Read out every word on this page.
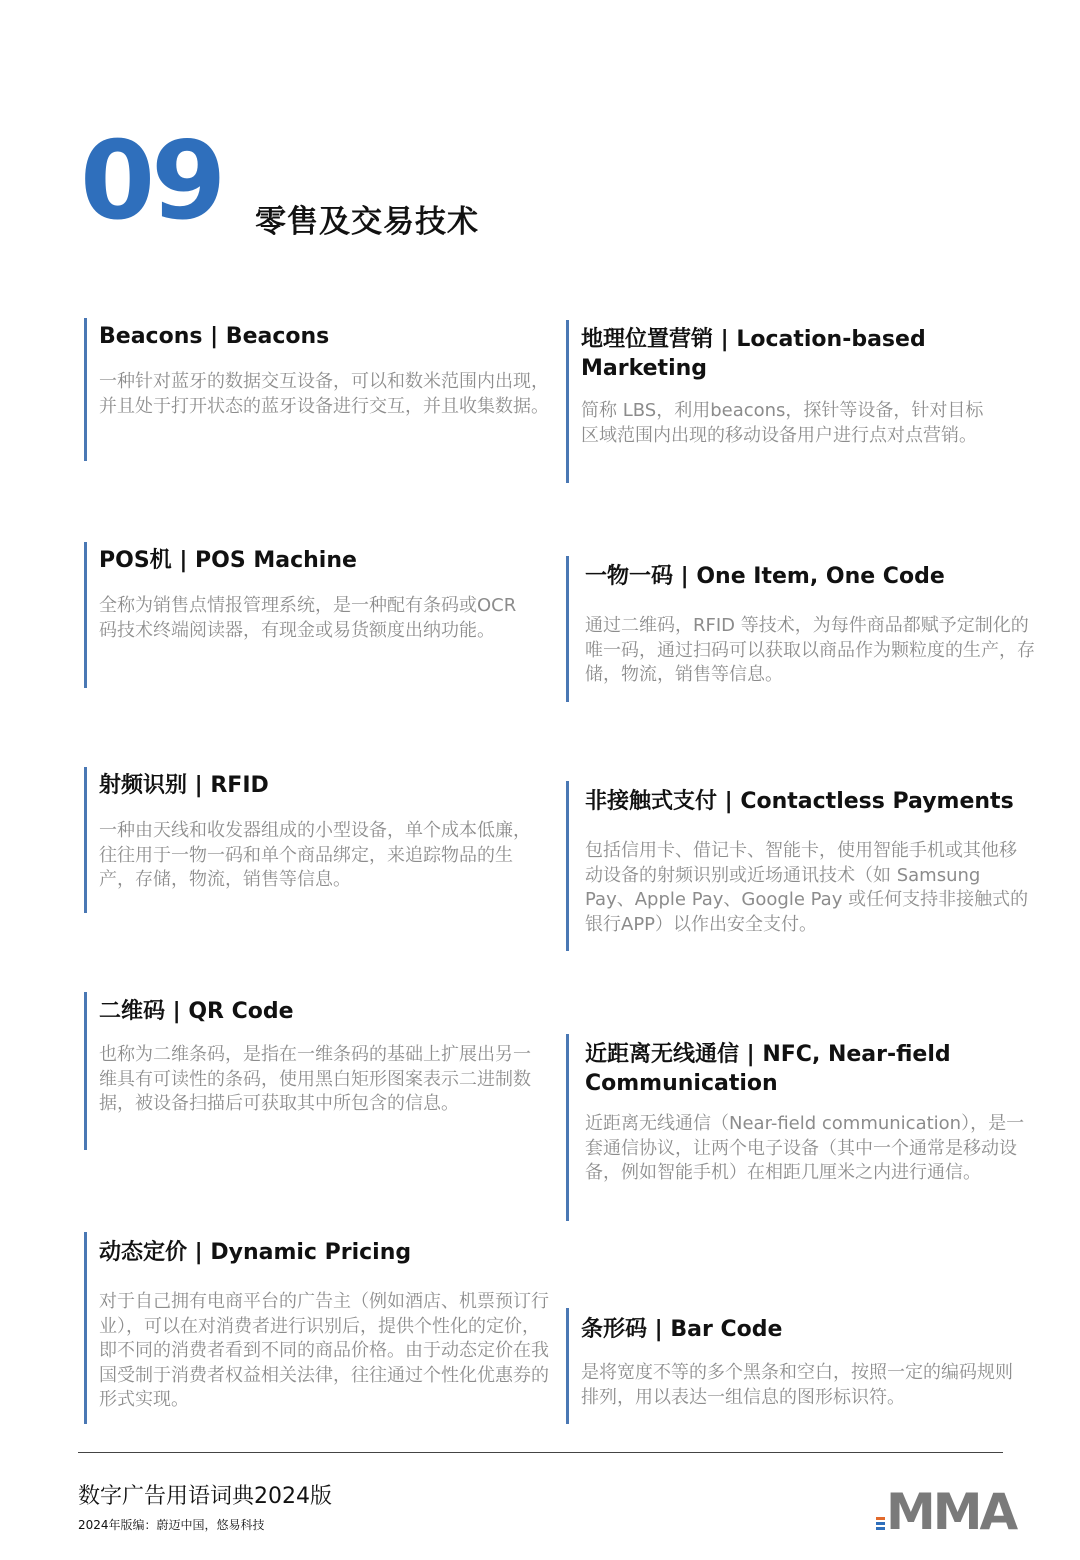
09 零售及交易技术
Beacons | Beacons
一种针对蓝牙的数据交互设备，可以和数米范围内出现，并且处于打开状态的蓝牙设备进行交互，并且收集数据。
POS机 | POS Machine
全称为销售点情报管理系统，是一种配有条码或OCR 码技术终端阅读器，有现金或易货额度出纳功能。
射频识别 | RFID
一种由天线和收发器组成的小型设备，单个成本低廉，往往用于一物一码和单个商品绑定，来追踪物品的生产，存储，物流，销售等信息。
二维码 | QR Code
也称为二维条码，是指在一维条码的基础上扩展出另一维具有可读性的条码，使用黑白矩形图案表示二进制数据，被设备扫描后可获取其中所包含的信息。
动态定价 | Dynamic Pricing
对于自己拥有电商平台的广告主（例如酒店、机票预订行业），可以在对消费者进行识别后，提供个性化的定价，即不同的消费者看到不同的商品价格。由于动态定价在我国受制于消费者权益相关法律，往往通过个性化优惠券的形式实现。
地理位置营销 | Location-based Marketing
简称 LBS，利用beacons，探针等设备，针对目标区域范围内出现的移动设备用户进行点对点营销。
一物一码 | One Item, One Code
通过二维码，RFID 等技术，为每件商品都赋予定制化的唯一码，通过扫码可以获取以商品作为颗粒度的生产，存储，物流，销售等信息。
非接触式支付 | Contactless Payments
包括信用卡、借记卡、智能卡，使用智能手机或其他移动设备的射频识别或近场通讯技术（如 Samsung Pay、Apple Pay、Google Pay 或任何支持非接触式的银行APP）以作出安全支付。
近距离无线通信 | NFC, Near-field Communication
近距离无线通信（Near-field communication），是一套通信协议，让两个电子设备（其中一个通常是移动设备，例如智能手机）在相距几厘米之内进行通信。
条形码 | Bar Code
是将宽度不等的多个黑条和空白，按照一定的编码规则排列，用以表达一组信息的图形标识符。
数字广告用语词典2024版
2024年版编：蔚迈中国，悠易科技	MMA
